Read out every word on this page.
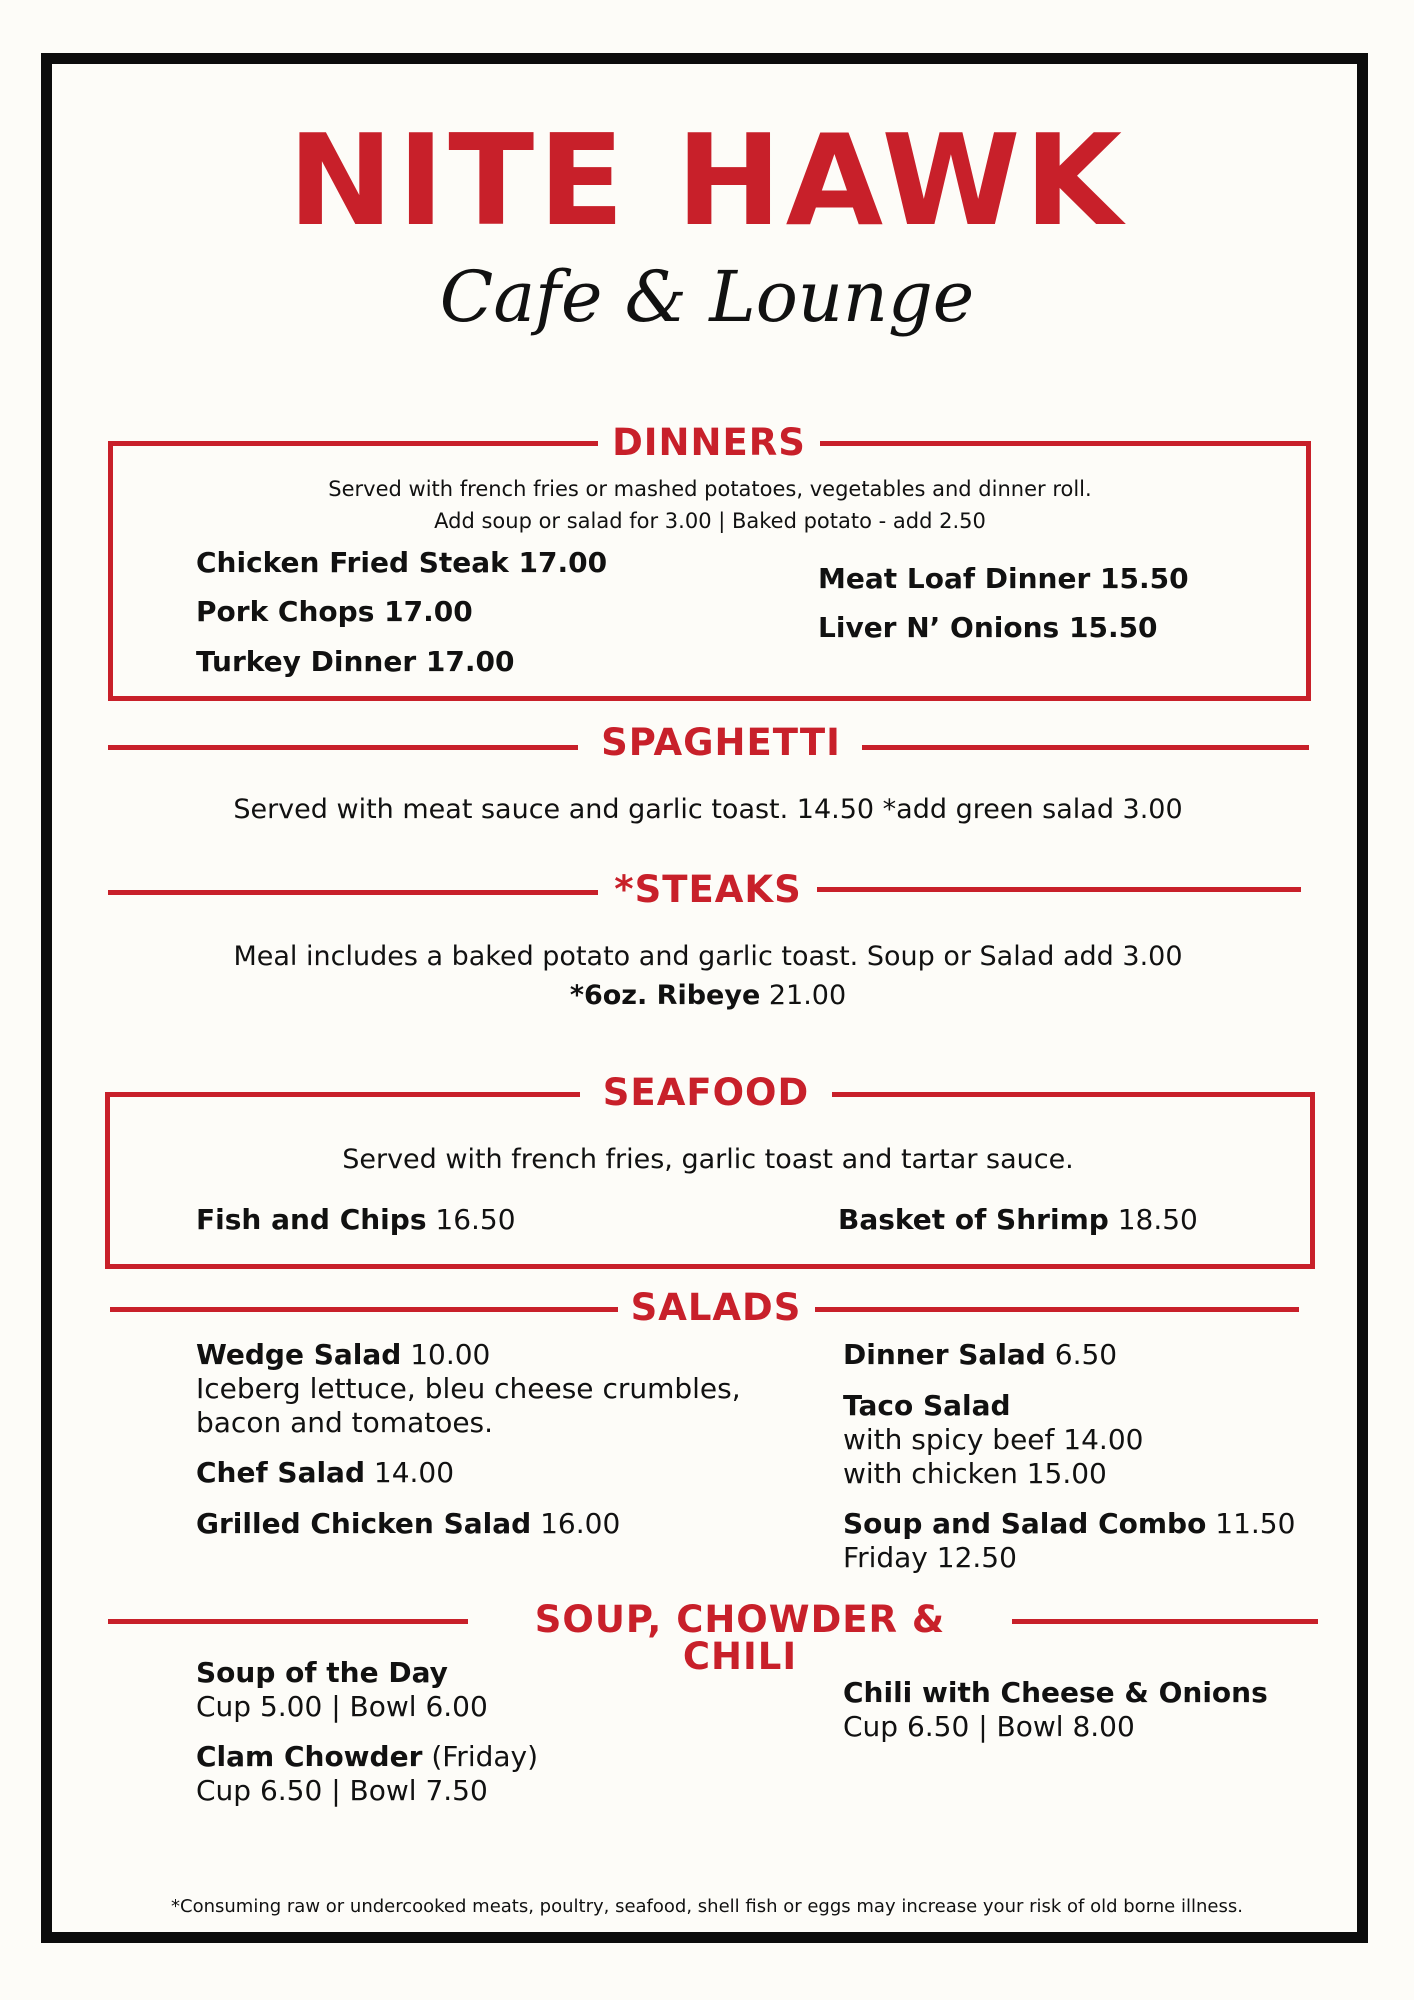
NITE HAWK
Cafe & Lounge
DINNERS
Served with french fries or mashed potatoes, vegetables and dinner roll.
Add soup or salad for 3.00 | Baked potato - add 2.50
Chicken Fried Steak 17.00
Pork Chops 17.00
Turkey Dinner 17.00
Meat Loaf Dinner 15.50
Liver N’ Onions 15.50
SPAGHETTI
Served with meat sauce and garlic toast. 14.50 *add green salad 3.00
*STEAKS
Meal includes a baked potato and garlic toast. Soup or Salad add 3.00
*6oz. Ribeye 21.00
SEAFOOD
Served with french fries, garlic toast and tartar sauce.
Fish and Chips 16.50	Basket of Shrimp 18.50
SALADS
Wedge Salad 10.00
Iceberg lettuce, bleu cheese crumbles,
bacon and tomatoes.
Chef Salad 14.00
Grilled Chicken Salad 16.00
Dinner Salad 6.50
Taco Salad
with spicy beef 14.00
with chicken 15.00
Soup and Salad Combo 11.50
Friday 12.50
SOUP, CHOWDER & CHILI
Soup of the Day
Cup 5.00 | Bowl 6.00
Clam Chowder (Friday)
Cup 6.50 | Bowl 7.50
Chili with Cheese & Onions
Cup 6.50 | Bowl 8.00
*Consuming raw or undercooked meats, poultry, seafood, shell fish or eggs may increase your risk of old borne illness.
